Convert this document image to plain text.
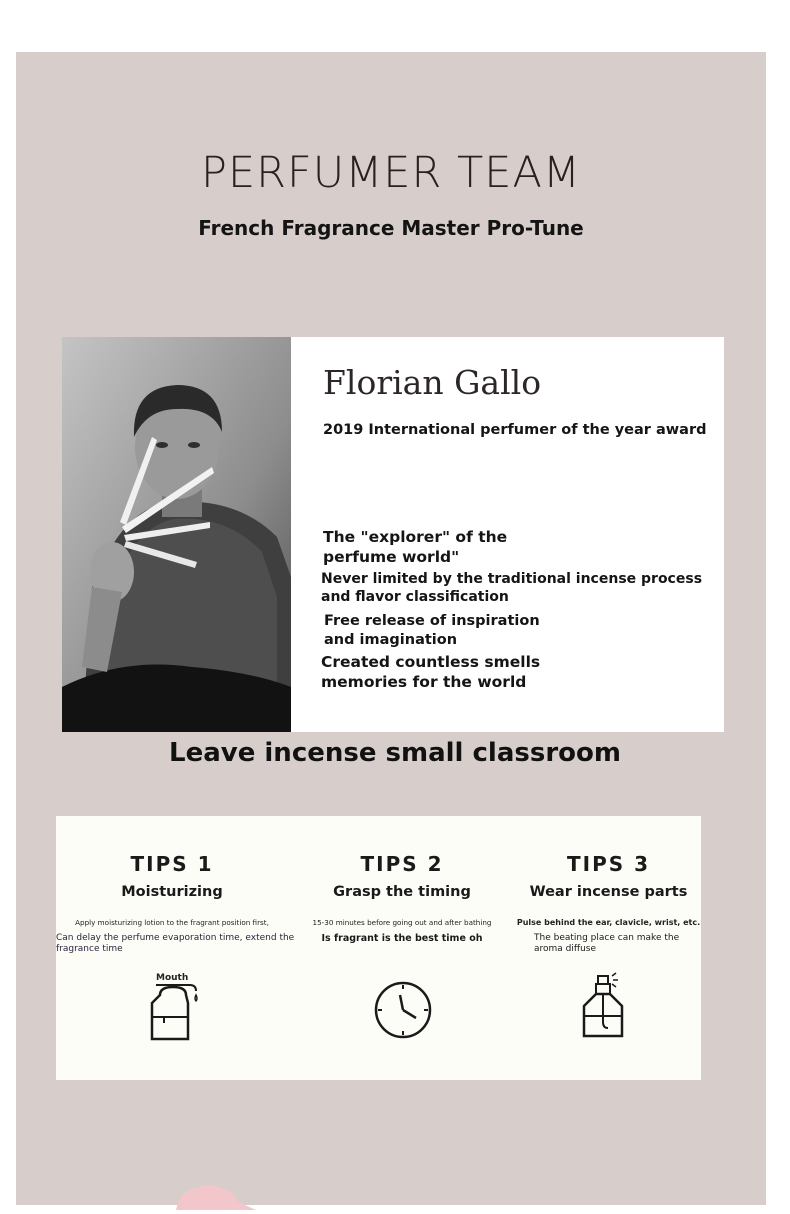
PERFUMER TEAM
French Fragrance Master Pro-Tune
Florian Gallo

2019 International perfumer of the year award

The "explorer" of the perfume world"

Never limited by the traditional incense process and flavor classification

Free release of inspiration and imagination

Created countless smells memories for the world

Leave incense small classroom

TIPS 1

Moisturizing

Apply moisturizing lotion to the fragrant position first,

Can delay the perfume evaporation time, extend the fragrance time

Mouth

TIPS 2

Grasp the timing

15-30 minutes before going out and after bathing

Is fragrant is the best time oh

TIPS 3

Wear incense parts

Pulse behind the ear, clavicle, wrist, etc.

The beating place can make the aroma diffuse
